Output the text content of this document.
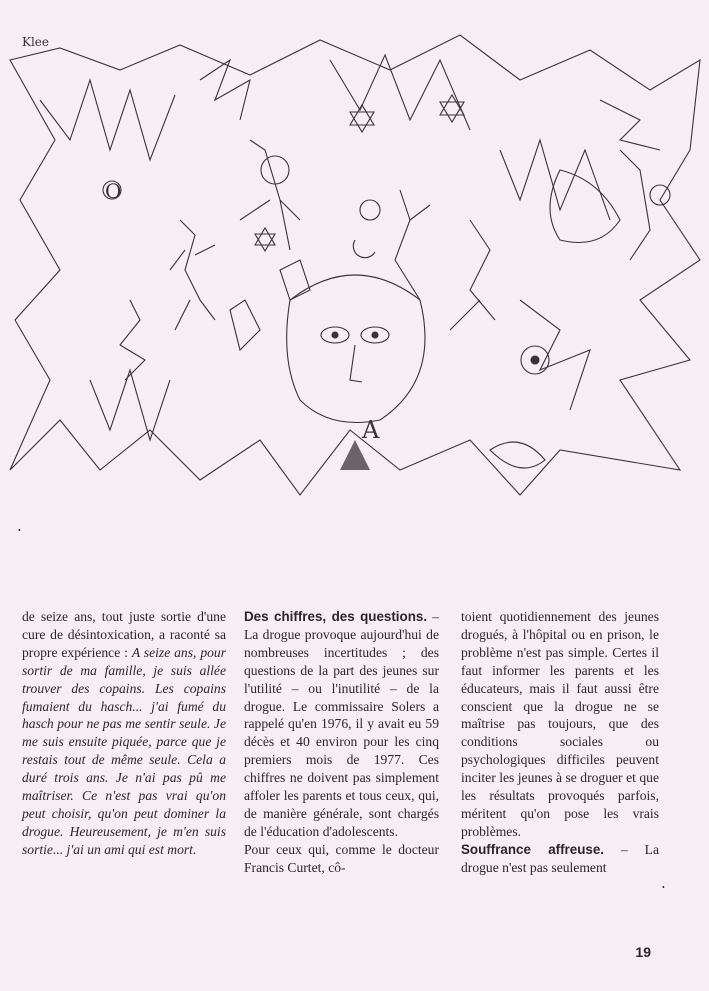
Klee
A
O
•
•

de seize ans, tout juste sortie d'une cure de désintoxication, a raconté sa propre expérience : A seize ans, pour sortir de ma famille, je suis allée trouver des copains. Les copains fumaient du hasch... j'ai fumé du hasch pour ne pas me sentir seule. Je me suis ensuite piquée, parce que je restais tout de même seule. Cela a duré trois ans. Je n'ai pas pû me maîtriser. Ce n'est pas vrai qu'on peut choisir, qu'on peut dominer la drogue. Heureusement, je m'en suis sortie... j'ai un ami qui est mort.

Des chiffres, des questions. – La drogue provoque aujourd'hui de nombreuses incertitudes ; des questions de la part des jeunes sur l'utilité – ou l'inutilité – de la drogue. Le commissaire Solers a rappelé qu'en 1976, il y avait eu 59 décès et 40 environ pour les cinq premiers mois de 1977. Ces chiffres ne doivent pas simplement affoler les parents et tous ceux, qui, de manière générale, sont chargés de l'éducation d'adolescents.

Pour ceux qui, comme le docteur Francis Curtet, cô-

toient quotidiennement des jeunes drogués, à l'hôpital ou en prison, le problème n'est pas simple. Certes il faut informer les parents et les éducateurs, mais il faut aussi être conscient que la drogue ne se maîtrise pas toujours, que des conditions sociales ou psychologiques difficiles peuvent inciter les jeunes à se droguer et que les résultats provoqués parfois, méritent qu'on pose les vrais problèmes.

Souffrance affreuse. – La drogue n'est pas seulement

19
